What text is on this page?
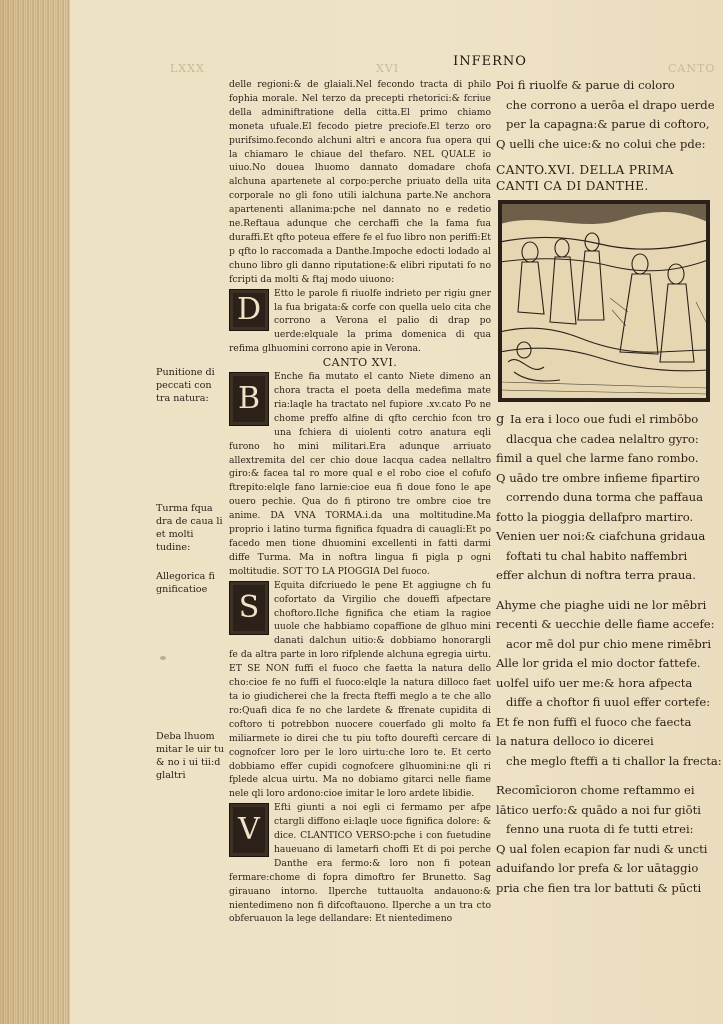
LXXX	XVI	CANTO
INFERNO
Punitione di peccati con tra natura:
Turma fqua dra de caua li et molti tudine:
Allegorica fi gnificatioe
Deba lhuom mitar le uir tu & no i ui tii:d glaltri

delle regioni:& de glaiali.Nel fecondo tracta di philo fophia morale. Nel terzo da precepti rhetorici:& fcriue della adminiftratione della citta.El primo chiamo moneta ufuale.El fecodo pietre preciofe.El terzo oro purifsimo.fecondo alchuni altri e ancora fua opera qui la chiamaro le chiaue del thefaro. NEL QUALE io uiuo.No douea lhuomo dannato domadare chofa alchuna apartenete al corpo:perche priuato della uita corporale no gli fono utili ialchuna parte.Ne anchora apartenenti allanima:pche nel dannato no e redetio ne.Reftaua adunque che cerchaffi che la fama fua duraffi.Et qfto poteua effere fe el fuo libro non periffi:Et p qfto lo raccomada a Danthe.Impoche edocti lodado al chuno libro gli danno riputatione:& elibri riputati fo no fcripti da molti & ftaj modo uiuono:

D	Etto le parole fi riuolfe indrieto per rigiu gner la fua brigata:& corfe con quella uelo cita che corrono a Verona el palio di drap po uerde:elquale la prima domenica di qua refima glhuomini corrono apie in Verona.

CANTO XVI.

B

Enche fia mutato el canto Niete dimeno an chora tracta el poeta della medefima mate ria:laqle ha tractato nel fupiore .xv.cato Po ne chome preffo alfine di qfto cerchio fcon tro una fchiera di uiolenti cotro anatura eqli furono ho mini militari.Era adunque arriuato allextremita del cer chio doue lacqua cadea nellaltro giro:& facea tal ro more qual e el robo cioe el cofufo ftrepito:elqle fano larnie:cioe eua fi doue fono le ape ouero pechie. Qua do fi ptirono tre ombre cioe tre anime. DA VNA TORMA.i.da una moltitudine.Ma proprio i latino turma fignifica fquadra di cauagli:Et po facedo men tione dhuomini excellenti in fatti darmi diffe Turma. Ma in noftra lingua fi pigla p ogni moltitudie. SOT TO LA PIOGGIA Del fuoco.

S

Equita difcriuedo le pene Et aggiugne ch fu cofortato da Virgilio che doueffi afpectare choftoro.Ilche fignifica che etiam la ragioe uuole che habbiamo copaffione de glhuo mini danati dalchun uitio:& dobbiamo honorargli fe da altra parte in loro rifplende alchuna egregia uirtu. ET SE NON fuffi el fuoco che faetta la natura dello cho:cioe fe no fuffi el fuoco:elqle la natura dilloco faet ta io giudicherei che la frecta fteffi meglo a te che allo ro:Quafi dica fe no che lardete & ffrenate cupidita di coftoro ti potrebbon nuocere couerfado gli molto fa miliarmete io direi che tu piu tofto doureftì cercare di cognofcer loro per le loro uirtu:che loro te. Et certo dobbiamo effer cupidi cognofcere glhuomini:ne qli ri fplede alcua uirtu. Ma no dobiamo gitarci nelle fiame nele qli loro ardono:cioe imitar le loro ardete libidie.

V

Efti giunti a noi egli ci fermamo per afpe ctargli diffono ei:laqle uoce fignifica dolore: & dice. CLANTICO VERSO:pche i con fuetudine haueuano di lametarfi choffi Et di poi perche Danthe era fermo:& loro non fi potean fermare:chome di fopra dimoftro fer Brunetto. Sag girauano intorno. Ilperche tuttauolta andauono:& nientedimeno non fi difcoftauono. Ilperche a un tra cto obferuauon la lege dellandare: Et nientedimeno

Poi fi riuolfe & parue di coloro

che corrono a uerōa el drapo uerde

per la capagna:& parue di coftoro,

Q uelli che uice:& no colui che pde:

CANTO.XVI. DELLA PRIMA CANTI CA DI DANTHE.

g Ia era i loco oue fudi el rimbōbo

dlacqua che cadea nelaltro gyro:

fimil a quel che larme fano rombo.

Q uādo tre ombre infieme fipartiro

correndo duna torma che paffaua

fotto la pioggia dellafpro martiro.

Venien uer noi:& ciafchuna gridaua

foftati tu chal habito naffembri

effer alchun di noftra terra praua.

Ahyme che piaghe uidi ne lor mēbri

recenti & uecchie delle fiame accefe:

acor mē dol pur chio mene rimēbri

Alle lor grida el mio doctor fattefe.

uolfel uifo uer me:& hora afpecta

diffe a choftor fi uuol effer cortefe:

Et fe non fuffi el fuoco che faecta

la natura delloco io dicerei

che meglo fteffi a ti challor la frecta:

Recomīcioron chome reftammo ei

lātico uerfo:& quādo a noi fur giōti

fenno una ruota di fe tutti etrei:

Q ual folen ecapion far nudi & uncti

aduifando lor prefa & lor uātaggio

pria che fien tra lor battuti & pūcti
